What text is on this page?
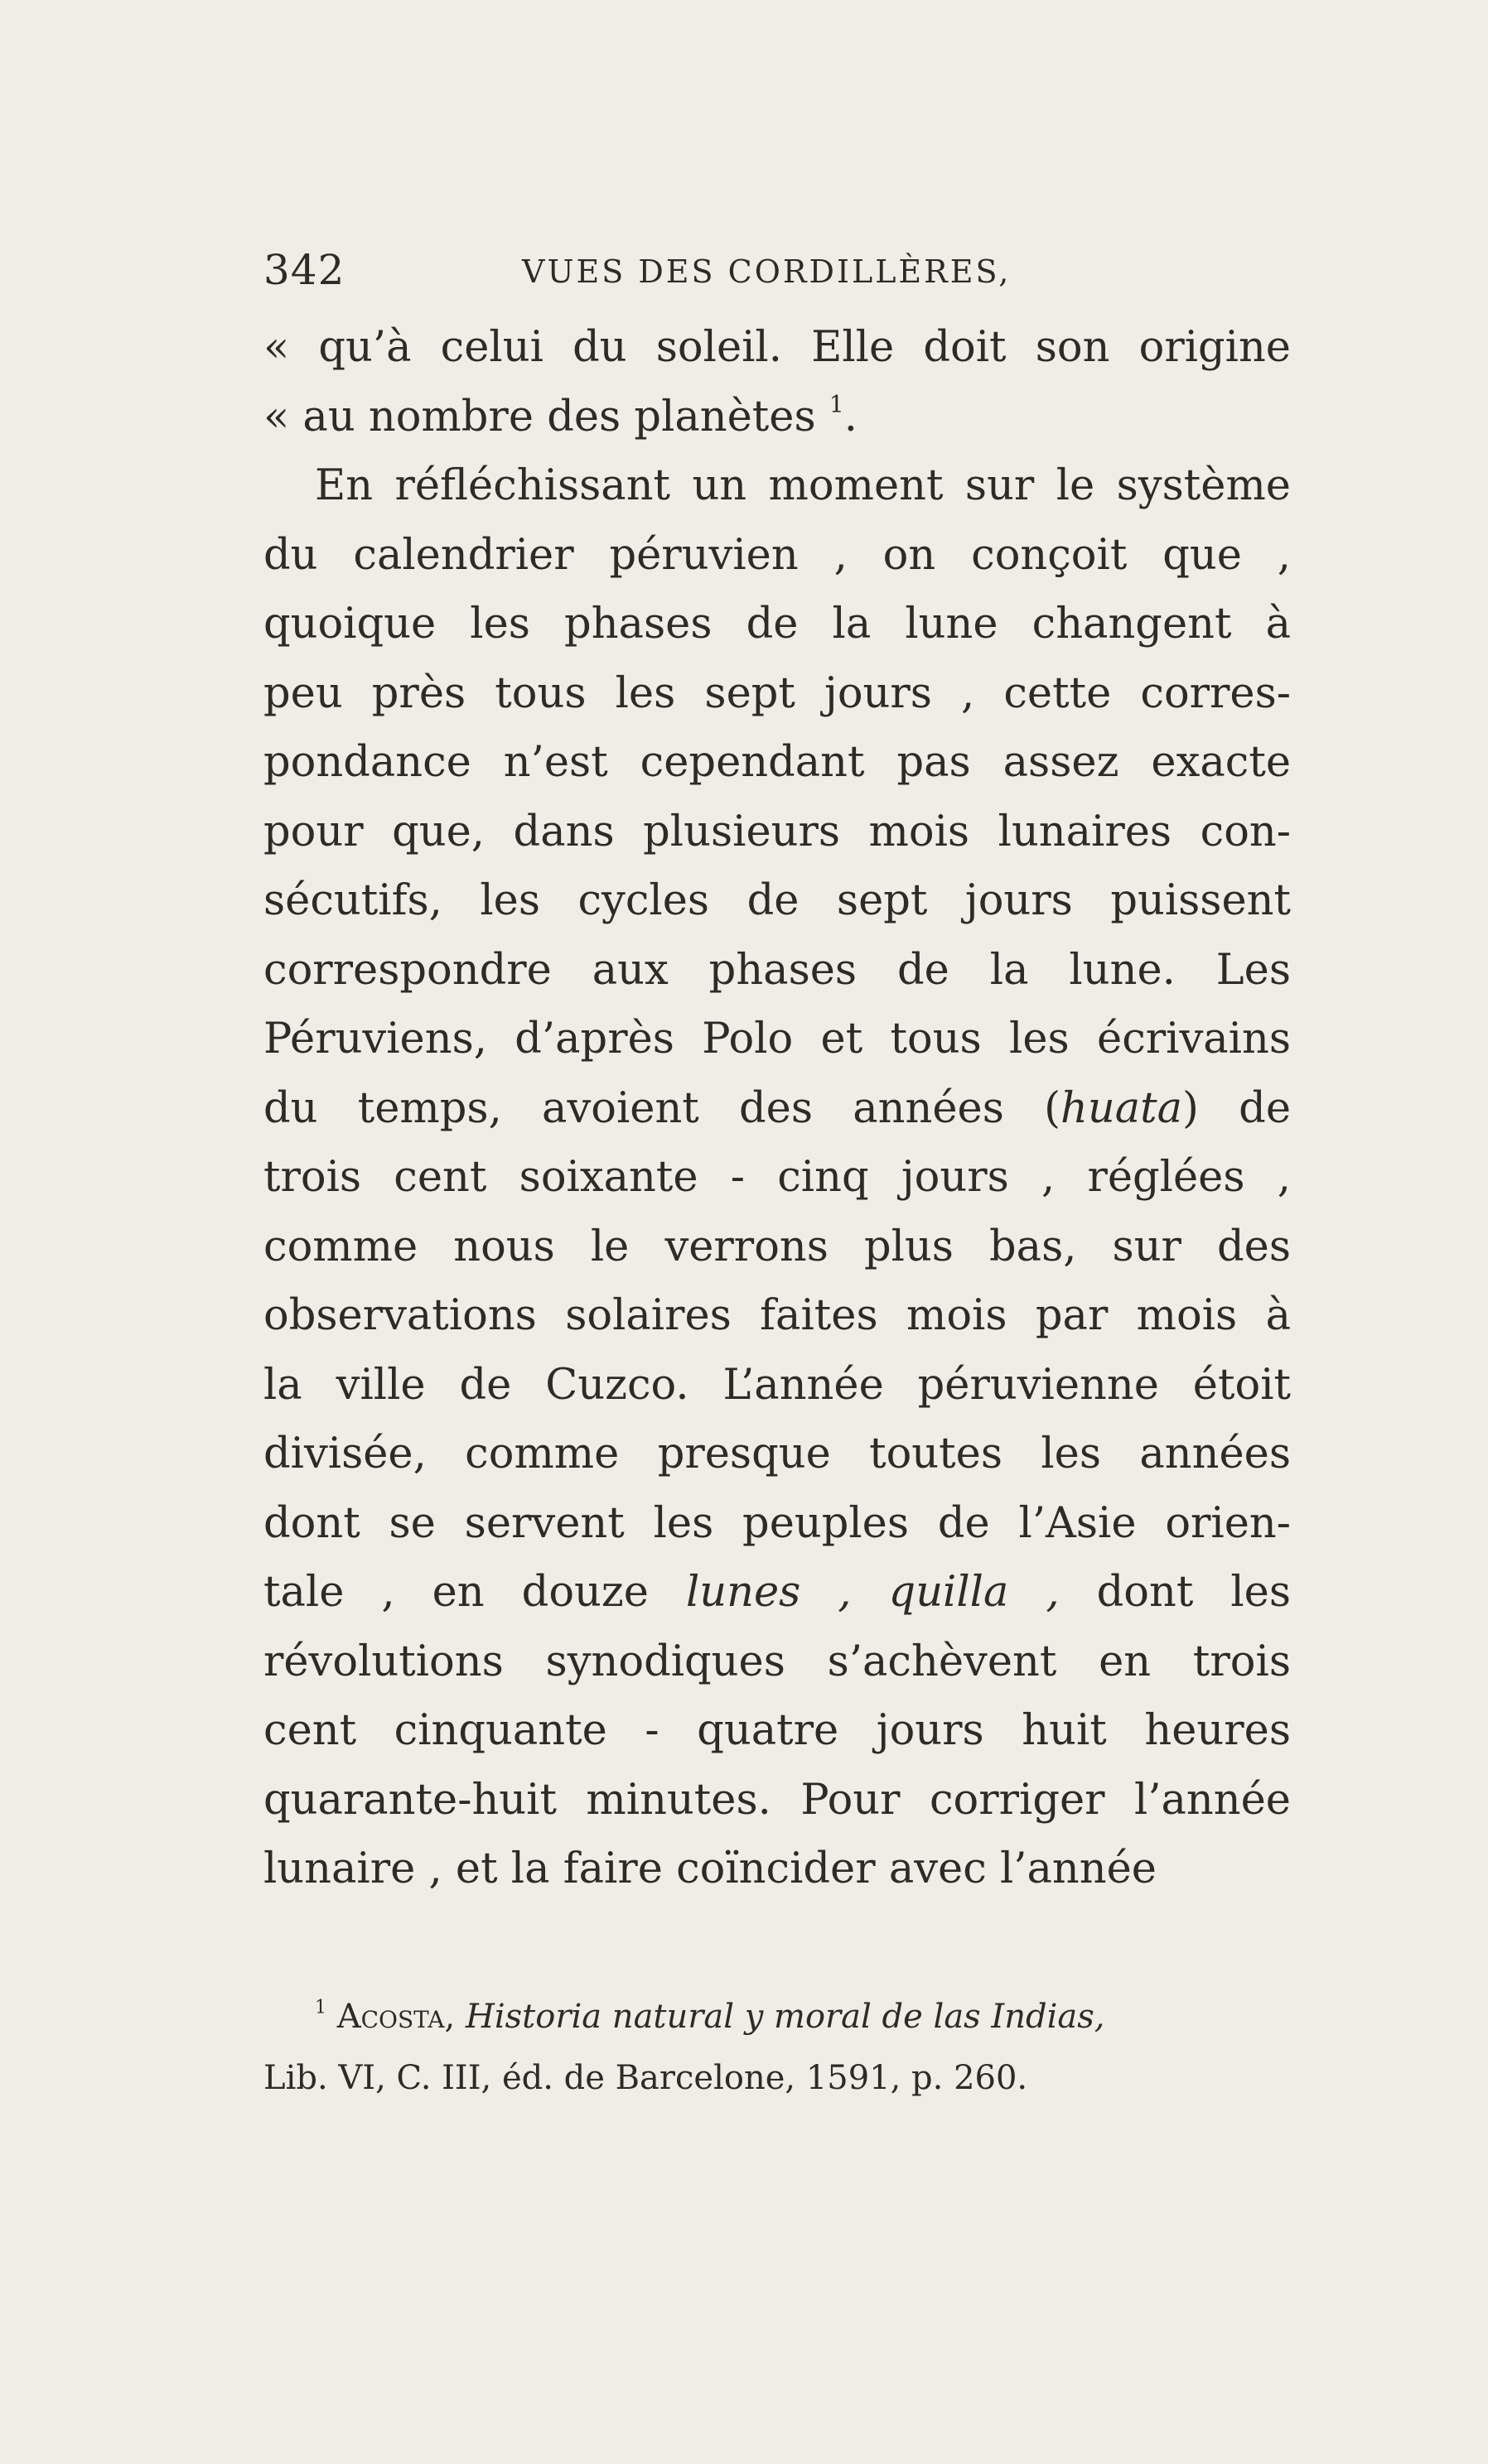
342	VUES DES CORDILLÈRES,
« qu’à celui du soleil. Elle doit son origine
« au nombre des planètes $^1$.
En réfléchissant un moment sur le système
du calendrier péruvien , on conçoit que ,
quoique les phases de la lune changent à
peu près tous les sept jours , cette corres-
pondance n’est cependant pas assez exacte
pour que, dans plusieurs mois lunaires con-
sécutifs, les cycles de sept jours puissent
correspondre aux phases de la lune. Les
Péruviens, d’après Polo et tous les écrivains
du temps, avoient des années (huata) de
trois cent soixante - cinq jours , réglées ,
comme nous le verrons plus bas, sur des
observations solaires faites mois par mois à
la ville de Cuzco. L’année péruvienne étoit
divisée, comme presque toutes les années
dont se servent les peuples de l’Asie orien-
tale , en douze lunes , quilla , dont les
révolutions synodiques s’achèvent en trois
cent cinquante - quatre jours huit heures
quarante-huit minutes. Pour corriger l’année
lunaire , et la faire coïncider avec l’année
$^1$ Acosta, Historia natural y moral de las Indias,
Lib. VI, C. III, éd. de Barcelone, 1591, p. 260.
